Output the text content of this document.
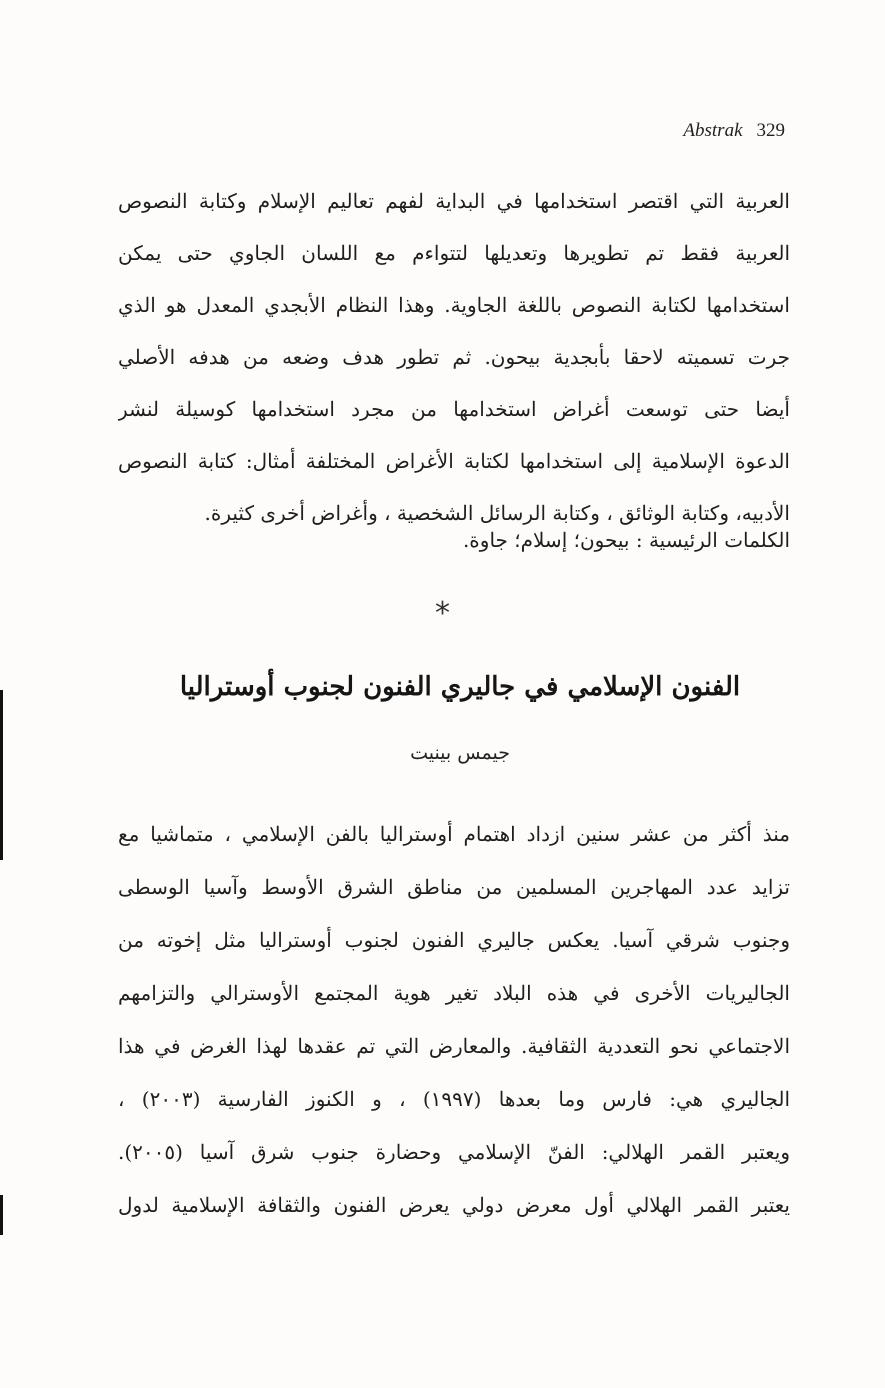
Abstrak 329
العربية التي اقتصر استخدامها في البداية لفهم تعاليم الإسلام وكتابة النصوص
العربية فقط تم تطويرها وتعديلها لتتواءم مع اللسان الجاوي حتى يمكن
استخدامها لكتابة النصوص باللغة الجاوية. وهذا النظام الأبجدي المعدل هو الذي
جرت تسميته لاحقا بأبجدية بيحون. ثم تطور هدف وضعه من هدفه الأصلي
أيضا حتى توسعت أغراض استخدامها من مجرد استخدامها كوسيلة لنشر
الدعوة الإسلامية إلى استخدامها لكتابة الأغراض المختلفة أمثال: كتابة النصوص
الأدبيه، وكتابة الوثائق ، وكتابة الرسائل الشخصية ، وأغراض أخرى كثيرة.
الكلمات الرئيسية : بيحون؛ إسلام؛ جاوة.
*
الفنون الإسلامي في جاليري الفنون لجنوب أوستراليا
جيمس بينيت
منذ أكثر من عشر سنين ازداد اهتمام أوستراليا بالفن الإسلامي ، متماشيا مع
تزايد عدد المهاجرين المسلمين من مناطق الشرق الأوسط وآسيا الوسطى
وجنوب شرقي آسيا. يعكس جاليري الفنون لجنوب أوستراليا مثل إخوته من
الجاليريات الأخرى في هذه البلاد تغير هوية المجتمع الأوسترالي والتزامهم
الاجتماعي نحو التعددية الثقافية. والمعارض التي تم عقدها لهذا الغرض في هذا
الجاليري هي: فارس وما بعدها (١٩٩٧) ، و الكنوز الفارسية (٢٠٠٣) ،
ويعتبر القمر الهلالي: الفنّ الإسلامي وحضارة جنوب شرق آسيا (٢٠٠٥).
يعتبر القمر الهلالي أول معرض دولي يعرض الفنون والثقافة الإسلامية لدول
